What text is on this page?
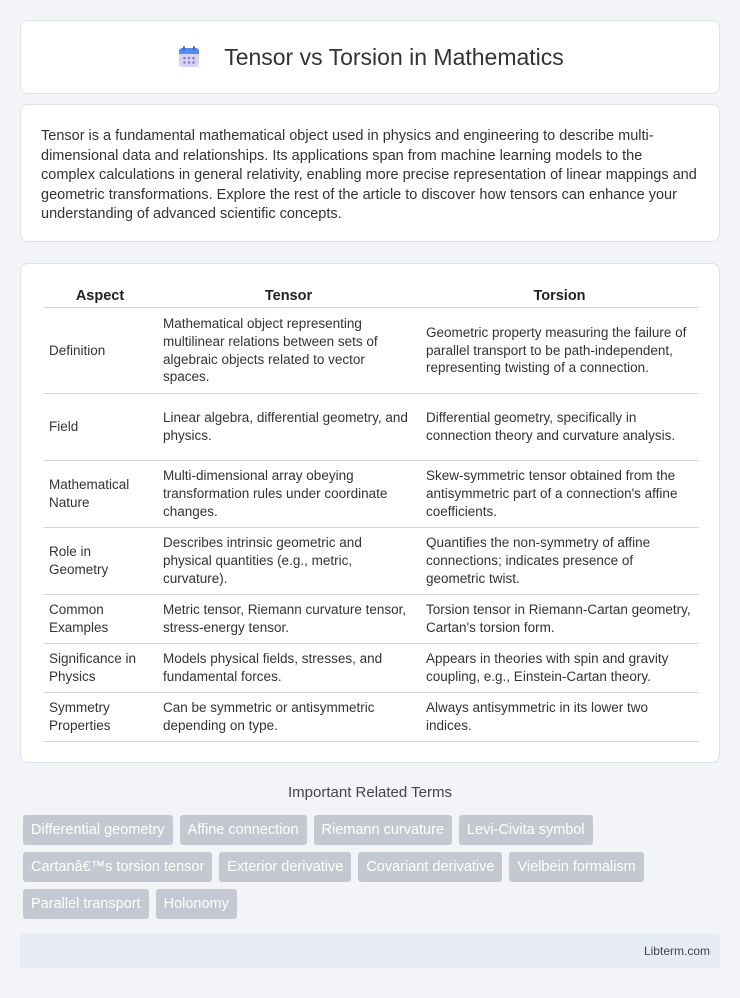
Tensor vs Torsion in Mathematics

Tensor is a fundamental mathematical object used in physics and engineering to describe multi-dimensional data and relationships. Its applications span from machine learning models to the complex calculations in general relativity, enabling more precise representation of linear mappings and geometric transformations. Explore the rest of the article to discover how tensors can enhance your understanding of advanced scientific concepts.

Aspect	Tensor	Torsion
Definition	Mathematical object representing multilinear relations between sets of algebraic objects related to vector spaces.	Geometric property measuring the failure of parallel transport to be path-independent, representing twisting of a connection.
Field	Linear algebra, differential geometry, and physics.	Differential geometry, specifically in connection theory and curvature analysis.
Mathematical Nature	Multi-dimensional array obeying transformation rules under coordinate changes.	Skew-symmetric tensor obtained from the antisymmetric part of a connection's affine coefficients.
Role in Geometry	Describes intrinsic geometric and physical quantities (e.g., metric, curvature).	Quantifies the non-symmetry of affine connections; indicates presence of geometric twist.
Common Examples	Metric tensor, Riemann curvature tensor, stress-energy tensor.	Torsion tensor in Riemann-Cartan geometry, Cartan's torsion form.
Significance in Physics	Models physical fields, stresses, and fundamental forces.	Appears in theories with spin and gravity coupling, e.g., Einstein-Cartan theory.
Symmetry Properties	Can be symmetric or antisymmetric depending on type.	Always antisymmetric in its lower two indices.
Important Related Terms
Differential geometry	Affine connection	Riemann curvature	Levi-Civita symbol
Cartanâ€™s torsion tensor	Exterior derivative	Covariant derivative	Vielbein formalism
Parallel transport	Holonomy
Libterm.com
